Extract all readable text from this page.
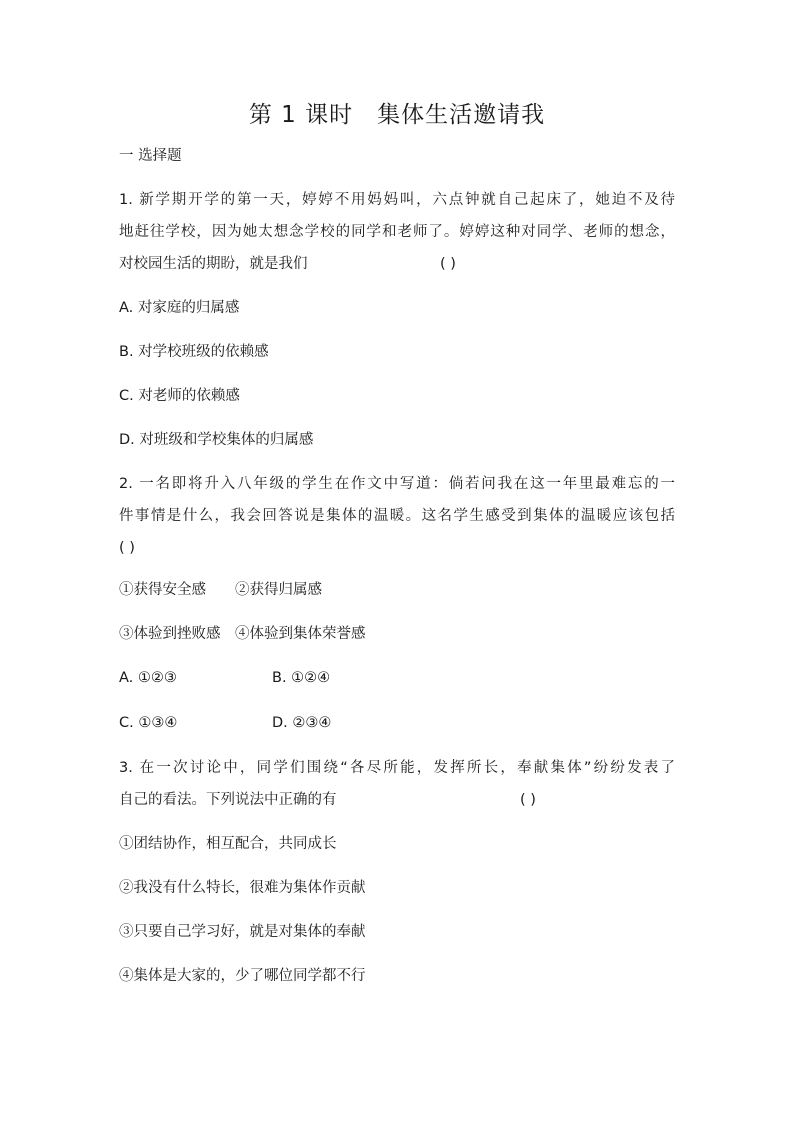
第 1 课时　集体生活邀请我
一 选择题
1. 新学期开学的第一天，婷婷不用妈妈叫，六点钟就自己起床了，她迫不及待
地赶往学校，因为她太想念学校的同学和老师了。婷婷这种对同学、老师的想念，
对校园生活的期盼，就是我们	( )
A. 对家庭的归属感
B. 对学校班级的依赖感
C. 对老师的依赖感
D. 对班级和学校集体的归属感
2. 一名即将升入八年级的学生在作文中写道：倘若问我在这一年里最难忘的一
件事情是什么，我会回答说是集体的温暖。这名学生感受到集体的温暖应该包括
( )
①获得安全感　　②获得归属感
③体验到挫败感　④体验到集体荣誉感
A. ①②③	B. ①②④
C. ①③④	D. ②③④
3. 在一次讨论中，同学们围绕“各尽所能，发挥所长，奉献集体”纷纷发表了
自己的看法。下列说法中正确的有	( )
①团结协作，相互配合，共同成长
②我没有什么特长，很难为集体作贡献
③只要自己学习好，就是对集体的奉献
④集体是大家的，少了哪位同学都不行
